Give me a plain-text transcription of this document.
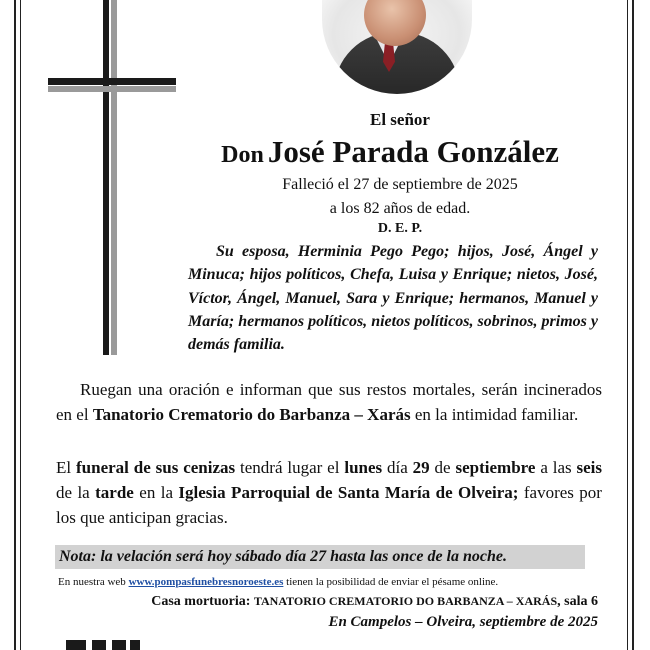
El señor
Don José Parada González
Falleció el 27 de septiembre de 2025
a los 82 años de edad.
D. E. P.
Su esposa, Herminia Pego Pego; hijos, José, Ángel y Minuca; hijos políticos, Chefa, Luisa y Enrique; nietos, José, Víctor, Ángel, Manuel, Sara y Enrique; hermanos, Manuel y María; hermanos políticos, nietos políticos, sobrinos, primos y demás familia.
Ruegan una oración e informan que sus restos mortales, serán incinerados en el Tanatorio Crematorio do Barbanza – Xarás en la intimidad familiar.
El funeral de sus cenizas tendrá lugar el lunes día 29 de septiembre a las seis de la tarde en la Iglesia Parroquial de Santa María de Olveira; favores por los que anticipan gracias.
Nota: la velación será hoy sábado día 27 hasta las once de la noche.
En nuestra web www.pompasfunebresnoroeste.es tienen la posibilidad de enviar el pésame online.
Casa mortuoria: TANATORIO CREMATORIO DO BARBANZA – XARÁS, sala 6
En Campelos – Olveira, septiembre de 2025
